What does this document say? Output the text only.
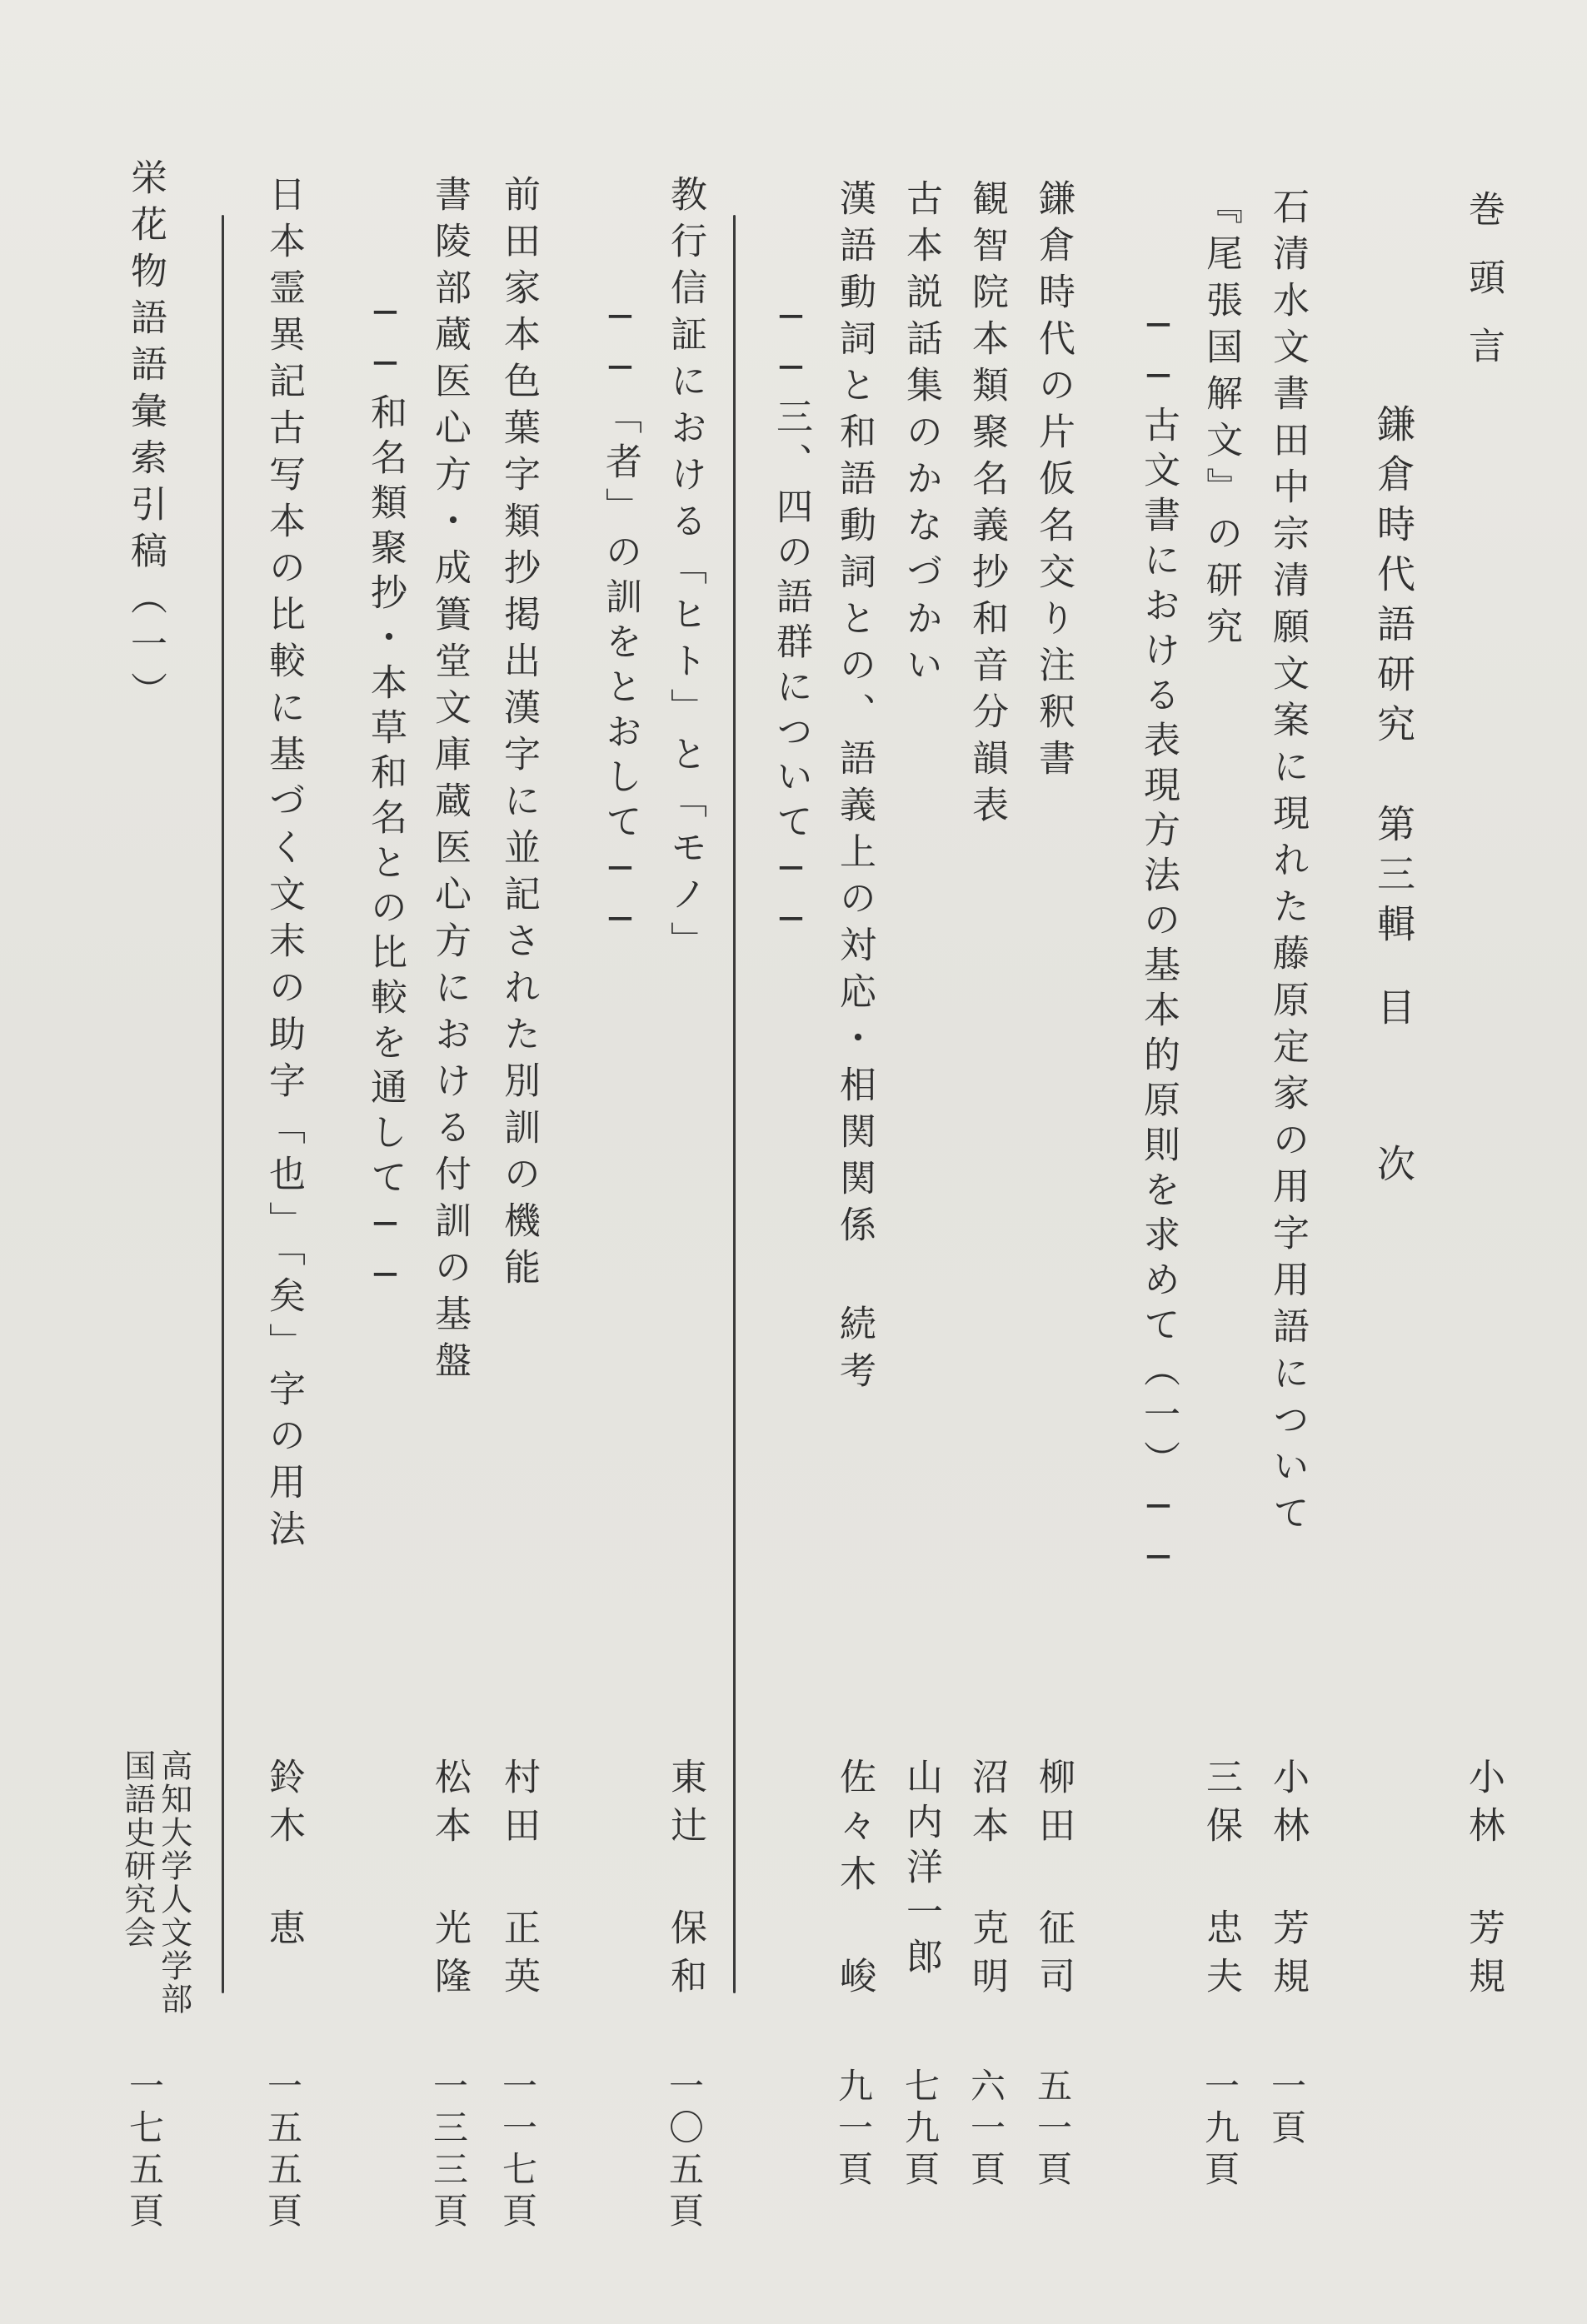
巻頭言
小林 芳規
鎌倉時代語研究　第三輯
目　次
石清水文書田中宗清願文案に現れた藤原定家の用字用語について
小林 芳規
一頁
『尾張国解文』の研究
──古文書における表現方法の基本的原則を求めて（一）──
三保 忠夫
一九頁
鎌倉時代の片仮名交り注釈書
柳田 征司
五一頁
観智院本類聚名義抄和音分韻表
沼本 克明
六一頁
古本説話集のかなづかい
山内洋一郎
七九頁
漢語動詞と和語動詞との、語義上の対応・相関関係 続考
──三、四の語群について──
佐々木 峻
九一頁
教行信証における「ヒト」と「モノ」
──「者」の訓をとおして──
東辻 保和
一〇五頁
前田家本色葉字類抄掲出漢字に並記された別訓の機能
村田 正英
一一七頁
書陵部蔵医心方・成簣堂文庫蔵医心方における付訓の基盤
──和名類聚抄・本草和名との比較を通して──
松本 光隆
一三三頁
日本霊異記古写本の比較に基づく文末の助字「也」「矣」字の用法
鈴木 恵
一五五頁
栄花物語語彙索引稿（一）
高知大学人文学部
国語史研究会
一七五頁
